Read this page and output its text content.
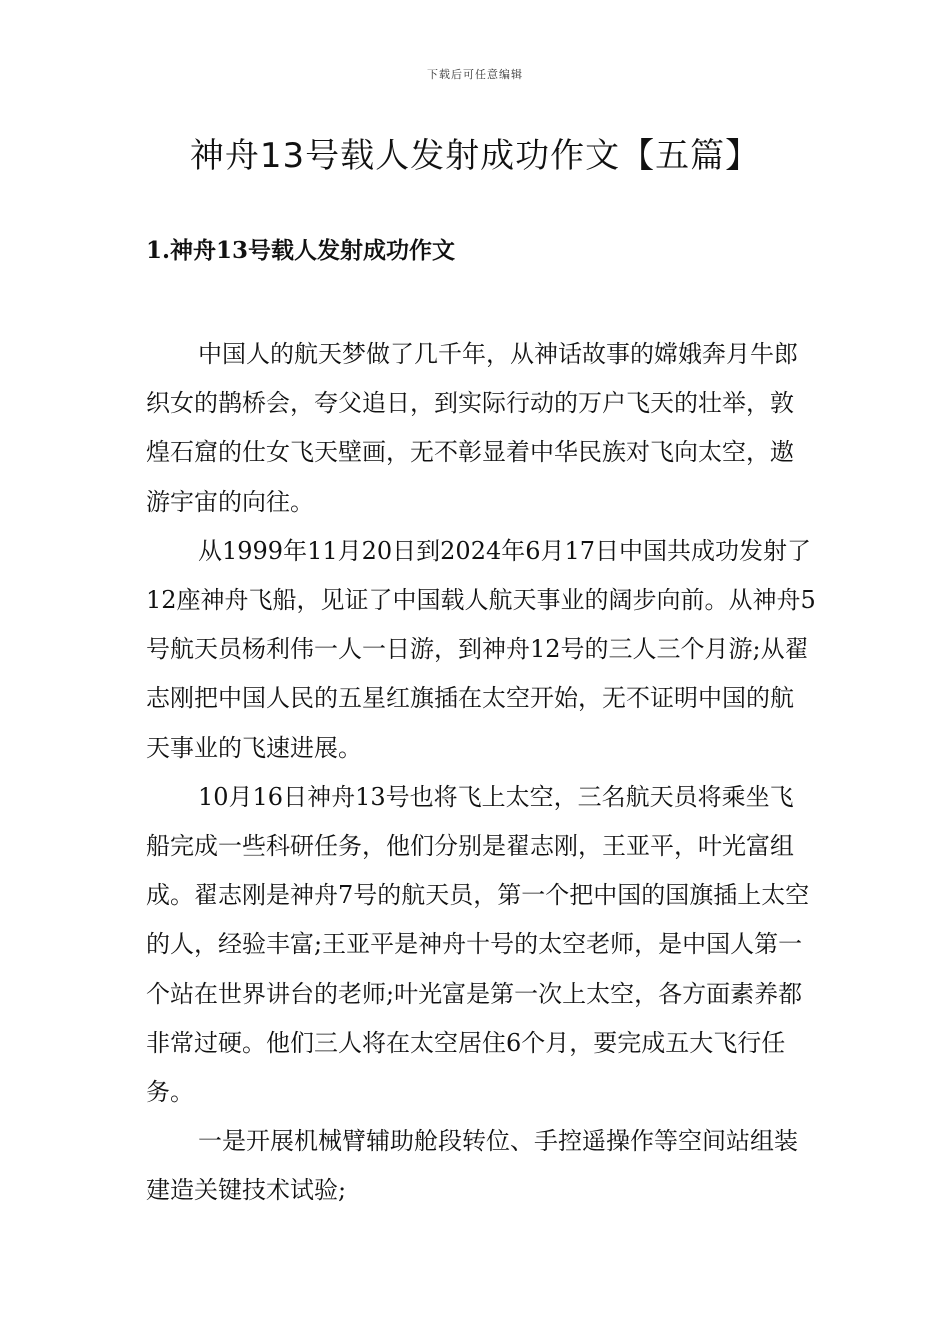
下载后可任意编辑
神舟13号载人发射成功作文【五篇】
1.神舟13号载人发射成功作文

中国人的航天梦做了几千年，从神话故事的嫦娥奔月牛郎织女的鹊桥会，夸父追日，到实际行动的万户飞天的壮举，敦煌石窟的仕女飞天壁画，无不彰显着中华民族对飞向太空，遨游宇宙的向往。

从1999年11月20日到2024年6月17日中国共成功发射了12座神舟飞船，见证了中国载人航天事业的阔步向前。从神舟5号航天员杨利伟一人一日游，到神舟12号的三人三个月游;从翟志刚把中国人民的五星红旗插在太空开始，无不证明中国的航天事业的飞速进展。

10月16日神舟13号也将飞上太空，三名航天员将乘坐飞船完成一些科研任务，他们分别是翟志刚，王亚平，叶光富组成。翟志刚是神舟7号的航天员，第一个把中国的国旗插上太空的人，经验丰富;王亚平是神舟十号的太空老师，是中国人第一个站在世界讲台的老师;叶光富是第一次上太空，各方面素养都非常过硬。他们三人将在太空居住6个月，要完成五大飞行任务。

一是开展机械臂辅助舱段转位、手控遥操作等空间站组装建造关键技术试验;
